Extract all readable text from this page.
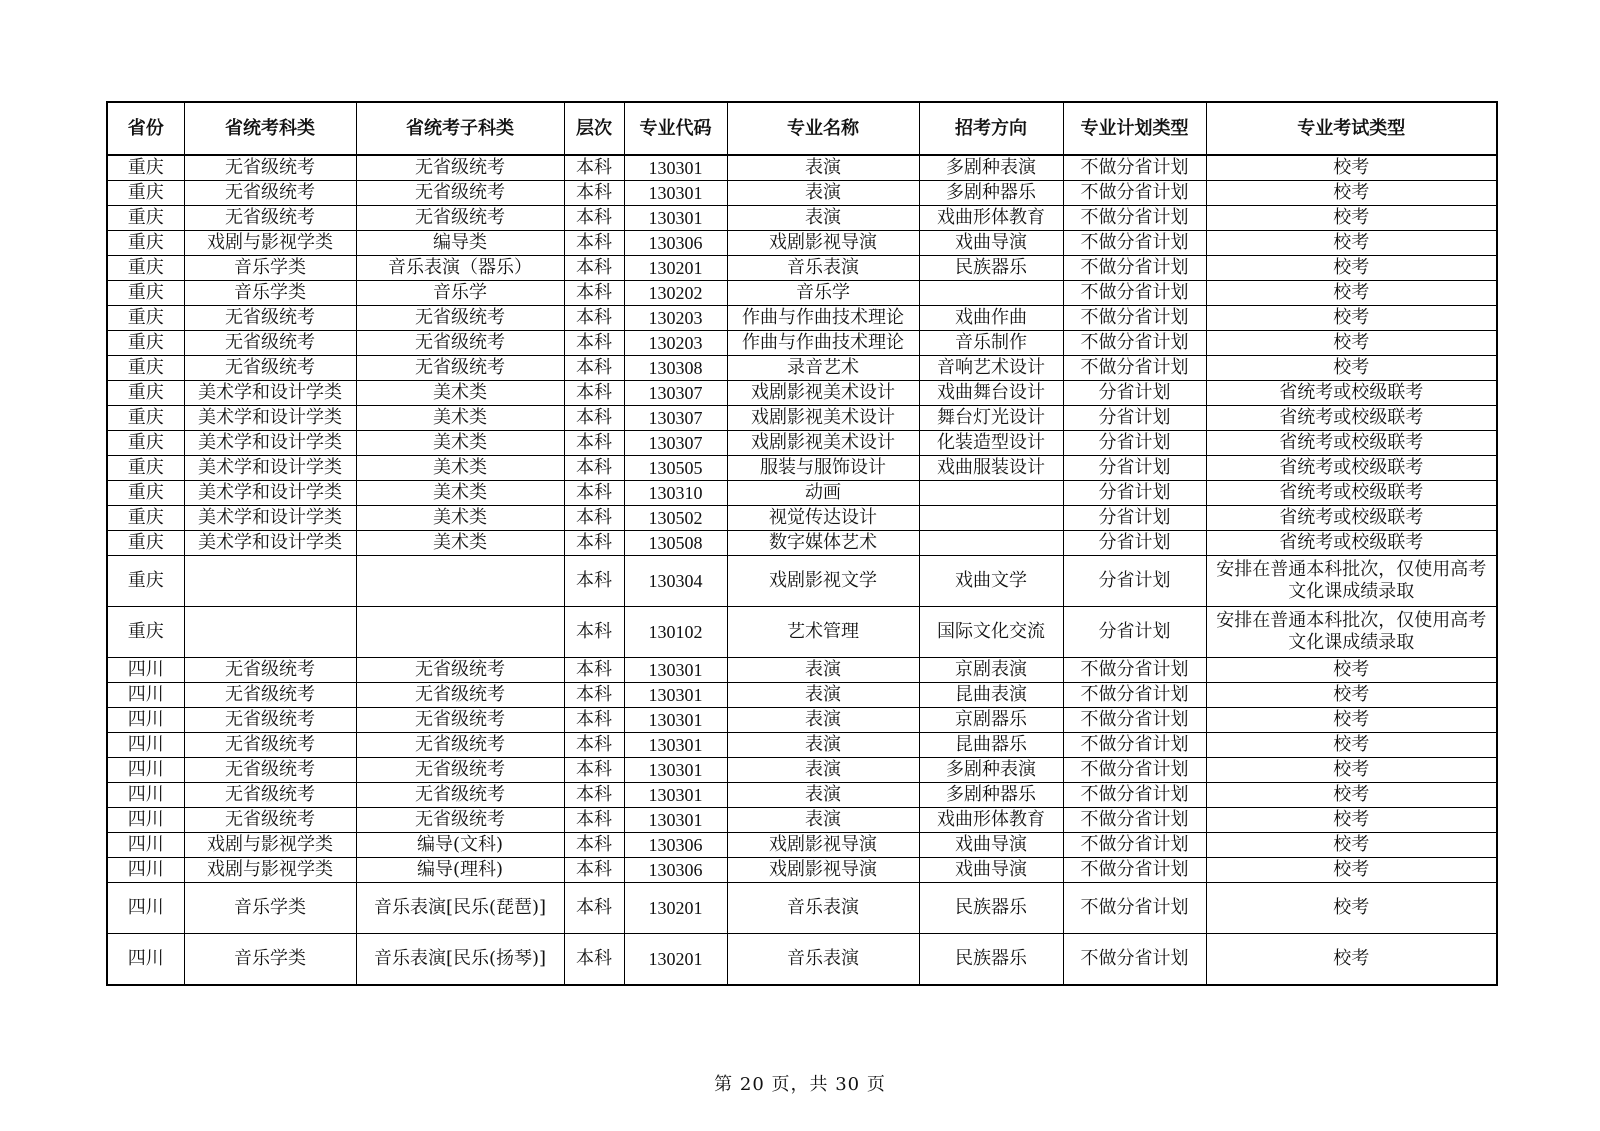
省份	省统考科类	省统考子科类	层次	专业代码	专业名称	招考方向	专业计划类型	专业考试类型
重庆	无省级统考	无省级统考	本科	130301	表演	多剧种表演	不做分省计划	校考
重庆	无省级统考	无省级统考	本科	130301	表演	多剧种器乐	不做分省计划	校考
重庆	无省级统考	无省级统考	本科	130301	表演	戏曲形体教育	不做分省计划	校考
重庆	戏剧与影视学类	编导类	本科	130306	戏剧影视导演	戏曲导演	不做分省计划	校考
重庆	音乐学类	音乐表演（器乐）	本科	130201	音乐表演	民族器乐	不做分省计划	校考
重庆	音乐学类	音乐学	本科	130202	音乐学		不做分省计划	校考
重庆	无省级统考	无省级统考	本科	130203	作曲与作曲技术理论	戏曲作曲	不做分省计划	校考
重庆	无省级统考	无省级统考	本科	130203	作曲与作曲技术理论	音乐制作	不做分省计划	校考
重庆	无省级统考	无省级统考	本科	130308	录音艺术	音响艺术设计	不做分省计划	校考
重庆	美术学和设计学类	美术类	本科	130307	戏剧影视美术设计	戏曲舞台设计	分省计划	省统考或校级联考
重庆	美术学和设计学类	美术类	本科	130307	戏剧影视美术设计	舞台灯光设计	分省计划	省统考或校级联考
重庆	美术学和设计学类	美术类	本科	130307	戏剧影视美术设计	化装造型设计	分省计划	省统考或校级联考
重庆	美术学和设计学类	美术类	本科	130505	服装与服饰设计	戏曲服装设计	分省计划	省统考或校级联考
重庆	美术学和设计学类	美术类	本科	130310	动画		分省计划	省统考或校级联考
重庆	美术学和设计学类	美术类	本科	130502	视觉传达设计		分省计划	省统考或校级联考
重庆	美术学和设计学类	美术类	本科	130508	数字媒体艺术		分省计划	省统考或校级联考
重庆			本科	130304	戏剧影视文学	戏曲文学	分省计划	安排在普通本科批次，仅使用高考文化课成绩录取
重庆			本科	130102	艺术管理	国际文化交流	分省计划	安排在普通本科批次，仅使用高考文化课成绩录取
四川	无省级统考	无省级统考	本科	130301	表演	京剧表演	不做分省计划	校考
四川	无省级统考	无省级统考	本科	130301	表演	昆曲表演	不做分省计划	校考
四川	无省级统考	无省级统考	本科	130301	表演	京剧器乐	不做分省计划	校考
四川	无省级统考	无省级统考	本科	130301	表演	昆曲器乐	不做分省计划	校考
四川	无省级统考	无省级统考	本科	130301	表演	多剧种表演	不做分省计划	校考
四川	无省级统考	无省级统考	本科	130301	表演	多剧种器乐	不做分省计划	校考
四川	无省级统考	无省级统考	本科	130301	表演	戏曲形体教育	不做分省计划	校考
四川	戏剧与影视学类	编导(文科)	本科	130306	戏剧影视导演	戏曲导演	不做分省计划	校考
四川	戏剧与影视学类	编导(理科)	本科	130306	戏剧影视导演	戏曲导演	不做分省计划	校考
四川	音乐学类	音乐表演[民乐(琵琶)]	本科	130201	音乐表演	民族器乐	不做分省计划	校考
四川	音乐学类	音乐表演[民乐(扬琴)]	本科	130201	音乐表演	民族器乐	不做分省计划	校考
第 20 页，共 30 页
